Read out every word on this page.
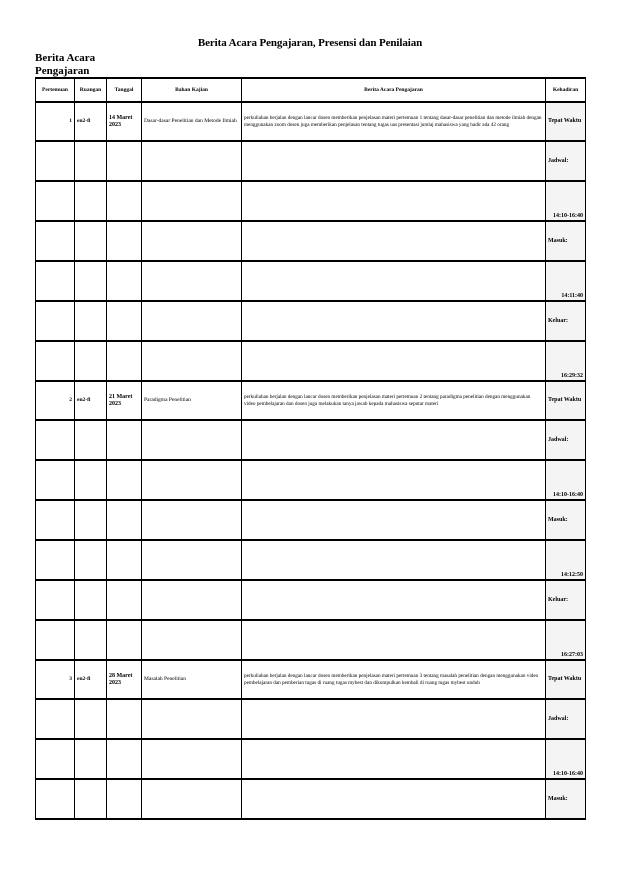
Berita Acara Pengajaran, Presensi dan Penilaian
Berita Acara Pengajaran
Pertemuan	Ruangan	Tanggal	Bahan Kajian	Berita Acara Pengajaran	Kehadiran
1	en2-fl	14 Maret 2023	Dasar-dasar Penelitian dan Metode Ilmiah	perkuliahan berjalan dengan lancar dosen memberikan penjelasan materi pertemuan 1 tentang dasar-dasar penelitian dan metode ilmiah dengan menggunakan zoom dosen juga memberikan penjelasan tentang tugas uas presentasi jumlaj mahasiswa yang hadir ada 42 orang	Tepat Waktu
					Jadwal:
					14:10-16:40
					Masuk:
					14:11:40
					Keluar:
					16:29:32
2	en2-fl	21 Maret 2023	Paradigma Penelitian	perkuliahan berjalan dengan lancar dosen memberikan penjelasan materi pertemuan 2 tentang paradigma penelitian dengan menggunakan video pembelajaran dan dosen juga melakukan tanya jawab kepada mahasiswa seputar materi	Tepat Waktu
					Jadwal:
					14:10-16:40
					Masuk:
					14:12:50
					Keluar:
					16:27:03
3	en2-fl	28 Maret 2023	Masalah Penelitian	perkuliahan berjalan dengan lancar dosen memberikan penjelasan materi pertemuan 3 tentang masalah penelitian dengan menggunakan video pembelajaran dan pemberian tugas di ruang tugas mybest dan dikumpulkan kembali di ruang tugas mybest unduh	Tepat Waktu
					Jadwal:
					14:10-16:40
					Masuk:
